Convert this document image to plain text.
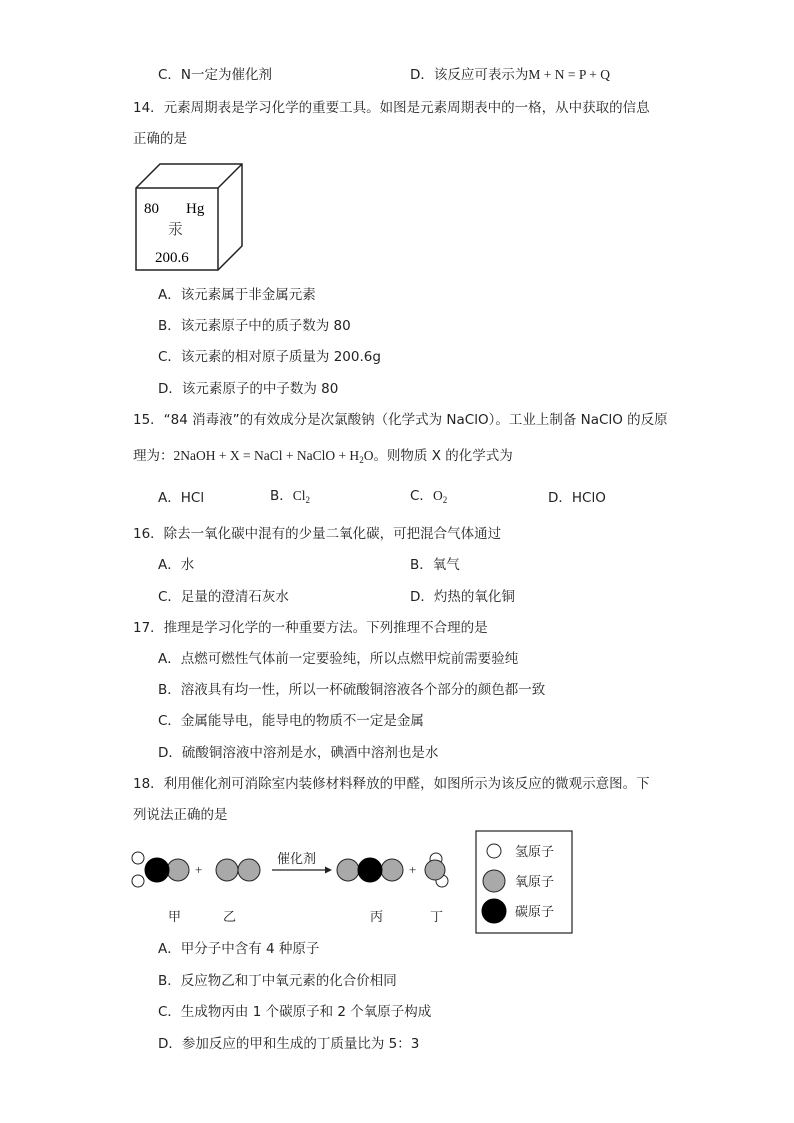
C．N一定为催化剂	D．该反应可表示为M + N = P + Q
14．元素周期表是学习化学的重要工具。如图是元素周期表中的一格，从中获取的信息
正确的是
80 Hg
汞
200.6
A．该元素属于非金属元素
B．该元素原子中的质子数为 80
C．该元素的相对原子质量为 200.6g
D．该元素原子的中子数为 80
15．“84 消毒液”的有效成分是次氯酸钠（化学式为 NaClO）。工业上制备 NaClO 的反原
理为：2NaOH + X = NaCl + NaClO + $H_2O$。则物质 X 的化学式为
A．HCl	B．$Cl_2$	C．$O_2$	D．HClO
16．除去一氧化碳中混有的少量二氧化碳，可把混合气体通过
A．水	B．氧气
C．足量的澄清石灰水	D．灼热的氧化铜
17．推理是学习化学的一种重要方法。下列推理不合理的是
A．点燃可燃性气体前一定要验纯，所以点燃甲烷前需要验纯
B．溶液具有均一性，所以一杯硫酸铜溶液各个部分的颜色都一致
C．金属能导电，能导电的物质不一定是金属
D．硫酸铜溶液中溶剂是水，碘酒中溶剂也是水
18．利用催化剂可消除室内装修材料释放的甲醛，如图所示为该反应的微观示意图。下
列说法正确的是
+
催化剂
+
甲	乙	丙	丁
氢原子
氧原子
碳原子
A．甲分子中含有 4 种原子
B．反应物乙和丁中氧元素的化合价相同
C．生成物丙由 1 个碳原子和 2 个氧原子构成
D．参加反应的甲和生成的丁质量比为 5：3
